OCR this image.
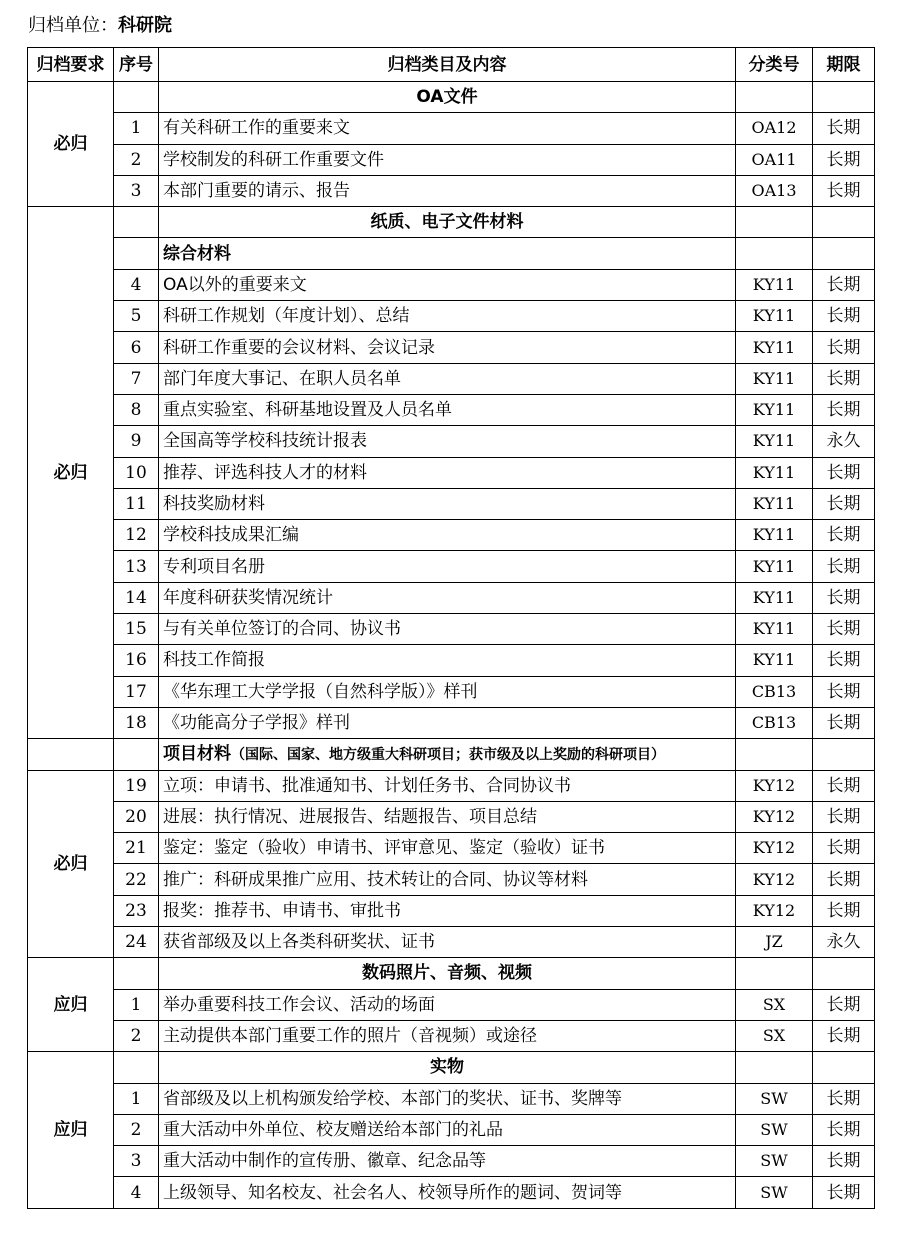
归档单位：科研院
归档要求	序号	归档类目及内容	分类号	期限
必归		OA文件		
	1	有关科研工作的重要来文	OA12	长期
	2	学校制发的科研工作重要文件	OA11	长期
	3	本部门重要的请示、报告	OA13	长期
必归		纸质、电子文件材料		
		综合材料		
	4	OA以外的重要来文	KY11	长期
	5	科研工作规划（年度计划）、总结	KY11	长期
	6	科研工作重要的会议材料、会议记录	KY11	长期
	7	部门年度大事记、在职人员名单	KY11	长期
	8	重点实验室、科研基地设置及人员名单	KY11	长期
	9	全国高等学校科技统计报表	KY11	永久
	10	推荐、评选科技人才的材料	KY11	长期
	11	科技奖励材料	KY11	长期
	12	学校科技成果汇编	KY11	长期
	13	专利项目名册	KY11	长期
	14	年度科研获奖情况统计	KY11	长期
	15	与有关单位签订的合同、协议书	KY11	长期
	16	科技工作简报	KY11	长期
	17	《华东理工大学学报（自然科学版）》样刊	CB13	长期
	18	《功能高分子学报》样刊	CB13	长期
		项目材料（国际、国家、地方级重大科研项目；获市级及以上奖励的科研项目）		
必归	19	立项：申请书、批准通知书、计划任务书、合同协议书	KY12	长期
	20	进展：执行情况、进展报告、结题报告、项目总结	KY12	长期
	21	鉴定：鉴定（验收）申请书、评审意见、鉴定（验收）证书	KY12	长期
	22	推广：科研成果推广应用、技术转让的合同、协议等材料	KY12	长期
	23	报奖：推荐书、申请书、审批书	KY12	长期
	24	获省部级及以上各类科研奖状、证书	JZ	永久
应归		数码照片、音频、视频		
	1	举办重要科技工作会议、活动的场面	SX	长期
	2	主动提供本部门重要工作的照片（音视频）或途径	SX	长期
应归		实物		
	1	省部级及以上机构颁发给学校、本部门的奖状、证书、奖牌等	SW	长期
	2	重大活动中外单位、校友赠送给本部门的礼品	SW	长期
	3	重大活动中制作的宣传册、徽章、纪念品等	SW	长期
	4	上级领导、知名校友、社会名人、校领导所作的题词、贺词等	SW	长期
